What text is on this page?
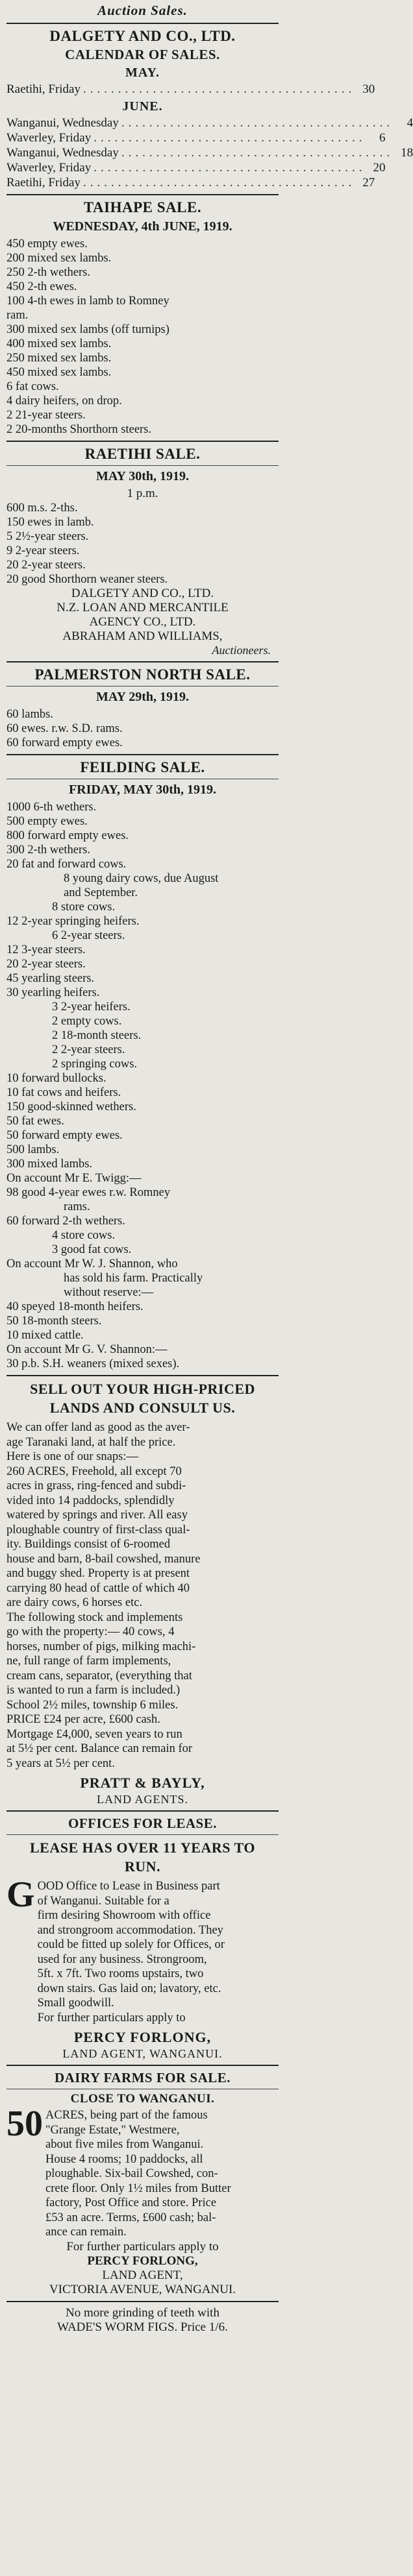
Auction Sales.
DALGETY AND CO., LTD.
CALENDAR OF SALES.
MAY.
Raetihi, Friday ....................................... 30
JUNE.
Wanganui, Wednesday .......................................	4
Waverley, Friday .......................................	6
Wanganui, Wednesday ....................................... 18
Waverley, Friday ....................................... 20
Raetihi, Friday ....................................... 27
TAIHAPE SALE.
WEDNESDAY, 4th JUNE, 1919.
450 empty ewes.
200 mixed sex lambs.
250 2-th wethers.
450 2-th ewes.
100 4-th ewes in lamb to Romney
ram.
300 mixed sex lambs (off turnips)
400 mixed sex lambs.
250 mixed sex lambs.
450 mixed sex lambs.
6 fat cows.
4 dairy heifers, on drop.
2 21-year steers.
2 20-months Shorthorn steers.
RAETIHI SALE.
MAY 30th, 1919.
1 p.m.
600 m.s. 2-ths.
150 ewes in lamb.
5 2½-year steers.
9 2-year steers.
20 2-year steers.
20 good Shorthorn weaner steers.
DALGETY AND CO., LTD.
N.Z. LOAN AND MERCANTILE
AGENCY CO., LTD.
ABRAHAM AND WILLIAMS,
Auctioneers.
PALMERSTON NORTH SALE.
MAY 29th, 1919.
60 lambs.
60 ewes. r.w. S.D. rams.
60 forward empty ewes.
FEILDING SALE.
FRIDAY, MAY 30th, 1919.
1000 6-th wethers.
500 empty ewes.
800 forward empty ewes.
300 2-th wethers.
20 fat and forward cows.
8 young dairy cows, due August
and September.
8 store cows.
12 2-year springing heifers.
6 2-year steers.
12 3-year steers.
20 2-year steers.
45 yearling steers.
30 yearling heifers.
3 2-year heifers.
2 empty cows.
2 18-month steers.
2 2-year steers.
2 springing cows.
10 forward bullocks.
10 fat cows and heifers.
150 good-skinned wethers.
50 fat ewes.
50 forward empty ewes.
500 lambs.
300 mixed lambs.
On account Mr E. Twigg:—
98 good 4-year ewes r.w. Romney
rams.
60 forward 2-th wethers.
4 store cows.
3 good fat cows.
On account Mr W. J. Shannon, who
has sold his farm. Practically
without reserve:—
40 speyed 18-month heifers.
50 18-month steers.
10 mixed cattle.
On account Mr G. V. Shannon:—
30 p.b. S.H. weaners (mixed sexes).
SELL OUT YOUR HIGH-PRICED
LANDS AND CONSULT US.
We can offer land as good as the aver-
age Taranaki land, at half the price.
Here is one of our snaps:—
260 ACRES, Freehold, all except 70
acres in grass, ring-fenced and subdi-
vided into 14 paddocks, splendidly
watered by springs and river. All easy
ploughable country of first-class qual-
ity. Buildings consist of 6-roomed
house and barn, 8-bail cowshed, manure
and buggy shed. Property is at present
carrying 80 head of cattle of which 40
are dairy cows, 6 horses etc.
The following stock and implements
go with the property:— 40 cows, 4
horses, number of pigs, milking machi-
ne, full range of farm implements,
cream cans, separator, (everything that
is wanted to run a farm is included.)
School 2½ miles, township 6 miles.
PRICE £24 per acre, £600 cash.
Mortgage £4,000, seven years to run
at 5½ per cent. Balance can remain for
5 years at 5½ per cent.
PRATT & BAYLY,
LAND AGENTS.
OFFICES FOR LEASE.
LEASE HAS OVER 11 YEARS TO
RUN.
G OOD Office to Lease in Business part
of Wanganui. Suitable for a
firm desiring Showroom with office
and strongroom accommodation. They
could be fitted up solely for Offices, or
used for any business. Strongroom,
5ft. x 7ft. Two rooms upstairs, two
down stairs. Gas laid on; lavatory, etc.
Small goodwill.
For further particulars apply to
PERCY FORLONG,
LAND AGENT, WANGANUI.
DAIRY FARMS FOR SALE.
CLOSE TO WANGANUI.
50 ACRES, being part of the famous
"Grange Estate," Westmere,
about five miles from Wanganui.
House 4 rooms; 10 paddocks, all
ploughable. Six-bail Cowshed, con-
crete floor. Only 1½ miles from Butter
factory, Post Office and store. Price
£53 an acre. Terms, £600 cash; bal-
ance can remain.
For further particulars apply to
PERCY FORLONG,
LAND AGENT,
VICTORIA AVENUE, WANGANUI.
No more grinding of teeth with
WADE'S WORM FIGS. Price 1/6.
